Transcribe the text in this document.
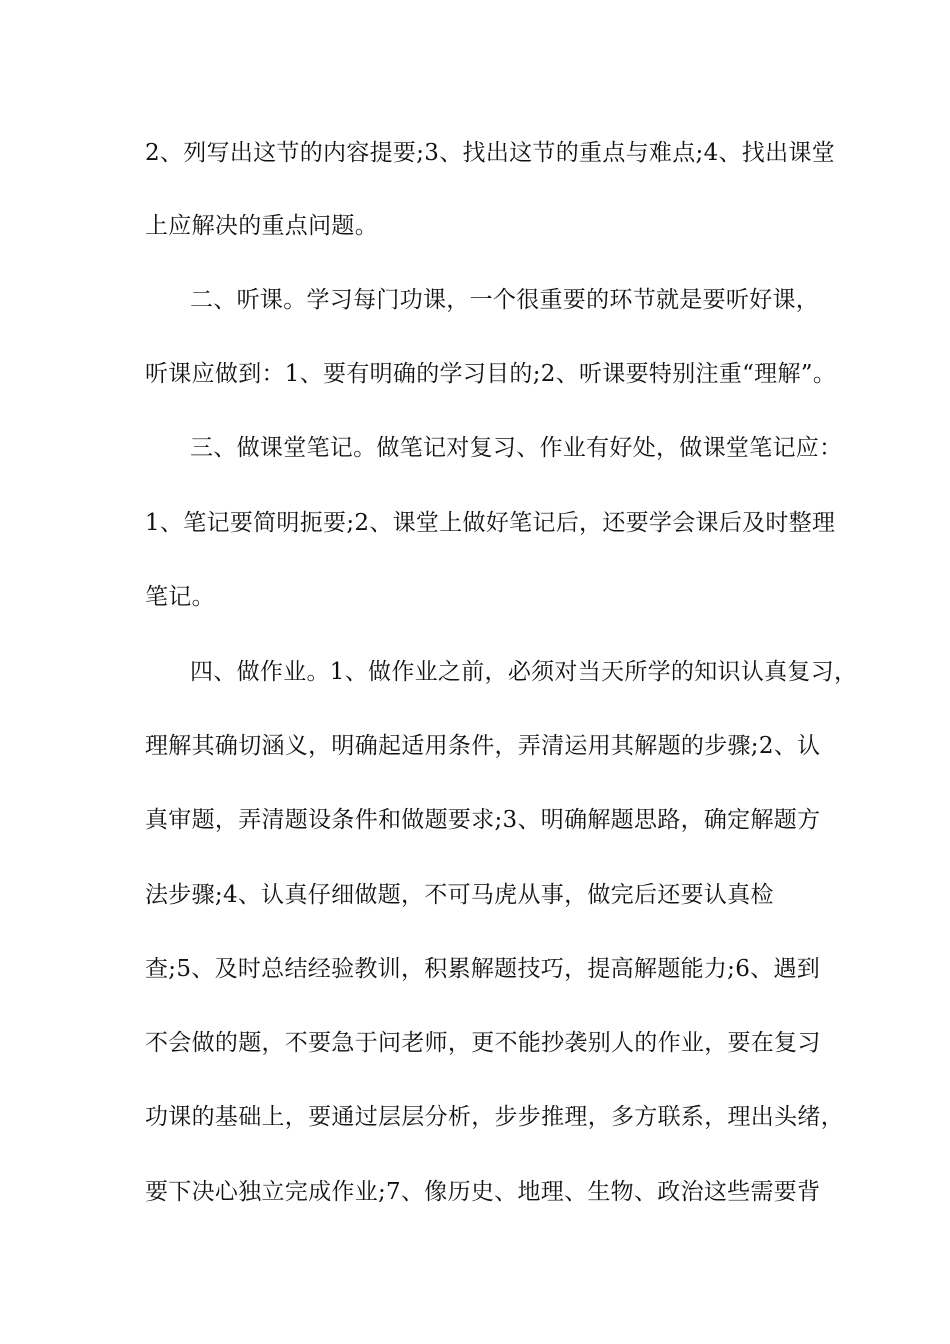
2、列写出这节的内容提要;3、找出这节的重点与难点;4、找出课堂
上应解决的重点问题。
二、听课。学习每门功课，一个很重要的环节就是要听好课，
听课应做到：1、要有明确的学习目的;2、听课要特别注重“理解”。
三、做课堂笔记。做笔记对复习、作业有好处，做课堂笔记应：
1、笔记要简明扼要;2、课堂上做好笔记后，还要学会课后及时整理
笔记。
四、做作业。1、做作业之前，必须对当天所学的知识认真复习，
理解其确切涵义，明确起适用条件，弄清运用其解题的步骤;2、认
真审题，弄清题设条件和做题要求;3、明确解题思路，确定解题方
法步骤;4、认真仔细做题，不可马虎从事，做完后还要认真检
查;5、及时总结经验教训，积累解题技巧，提高解题能力;6、遇到
不会做的题，不要急于问老师，更不能抄袭别人的作业，要在复习
功课的基础上，要通过层层分析，步步推理，多方联系，理出头绪，
要下决心独立完成作业;7、像历史、地理、生物、政治这些需要背
